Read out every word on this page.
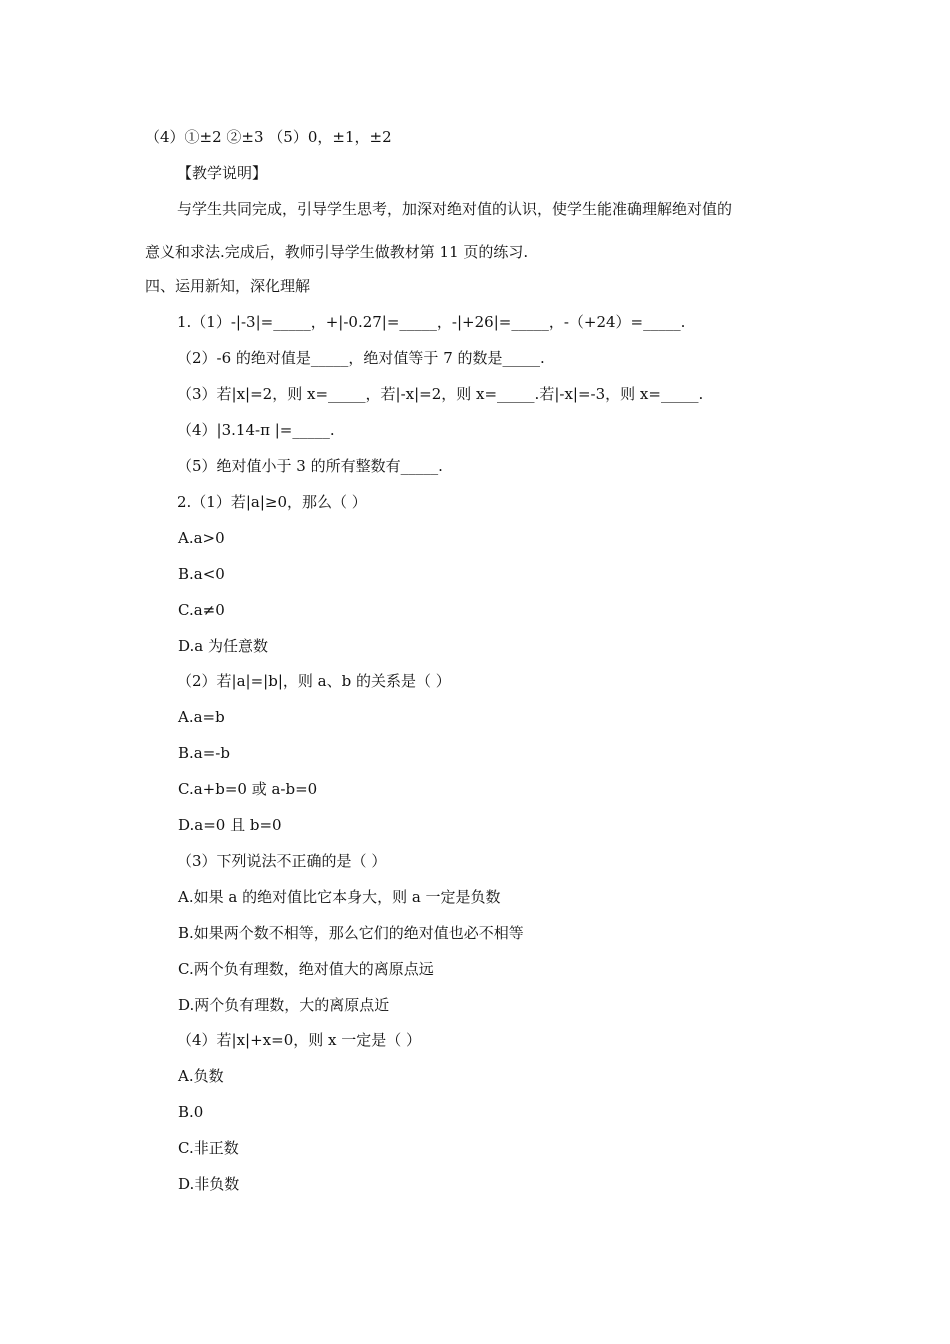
（4）①±2 ②±3 （5）0，±1，±2
【教学说明】
与学生共同完成，引导学生思考，加深对绝对值的认识，使学生能准确理解绝对值的
意义和求法.完成后，教师引导学生做教材第 11 页的练习.
四、运用新知，深化理解
1.（1）-|-3|=_____，+|-0.27|=_____，-|+26|=_____，-（+24）=_____.
（2）-6 的绝对值是_____，绝对值等于 7 的数是_____.
（3）若|x|=2，则 x=_____，若|-x|=2，则 x=_____.若|-x|=-3，则 x=_____.
（4）|3.14-π |=_____.
（5）绝对值小于 3 的所有整数有_____.
2.（1）若|a|≥0，那么（ ）
A.a>0
B.a<0
C.a≠0
D.a 为任意数
（2）若|a|=|b|，则 a、b 的关系是（ ）
A.a=b
B.a=-b
C.a+b=0 或 a-b=0
D.a=0 且 b=0
（3）下列说法不正确的是（ ）
A.如果 a 的绝对值比它本身大，则 a 一定是负数
B.如果两个数不相等，那么它们的绝对值也必不相等
C.两个负有理数，绝对值大的离原点远
D.两个负有理数，大的离原点近
（4）若|x|+x=0，则 x 一定是（ ）
A.负数
B.0
C.非正数
D.非负数
